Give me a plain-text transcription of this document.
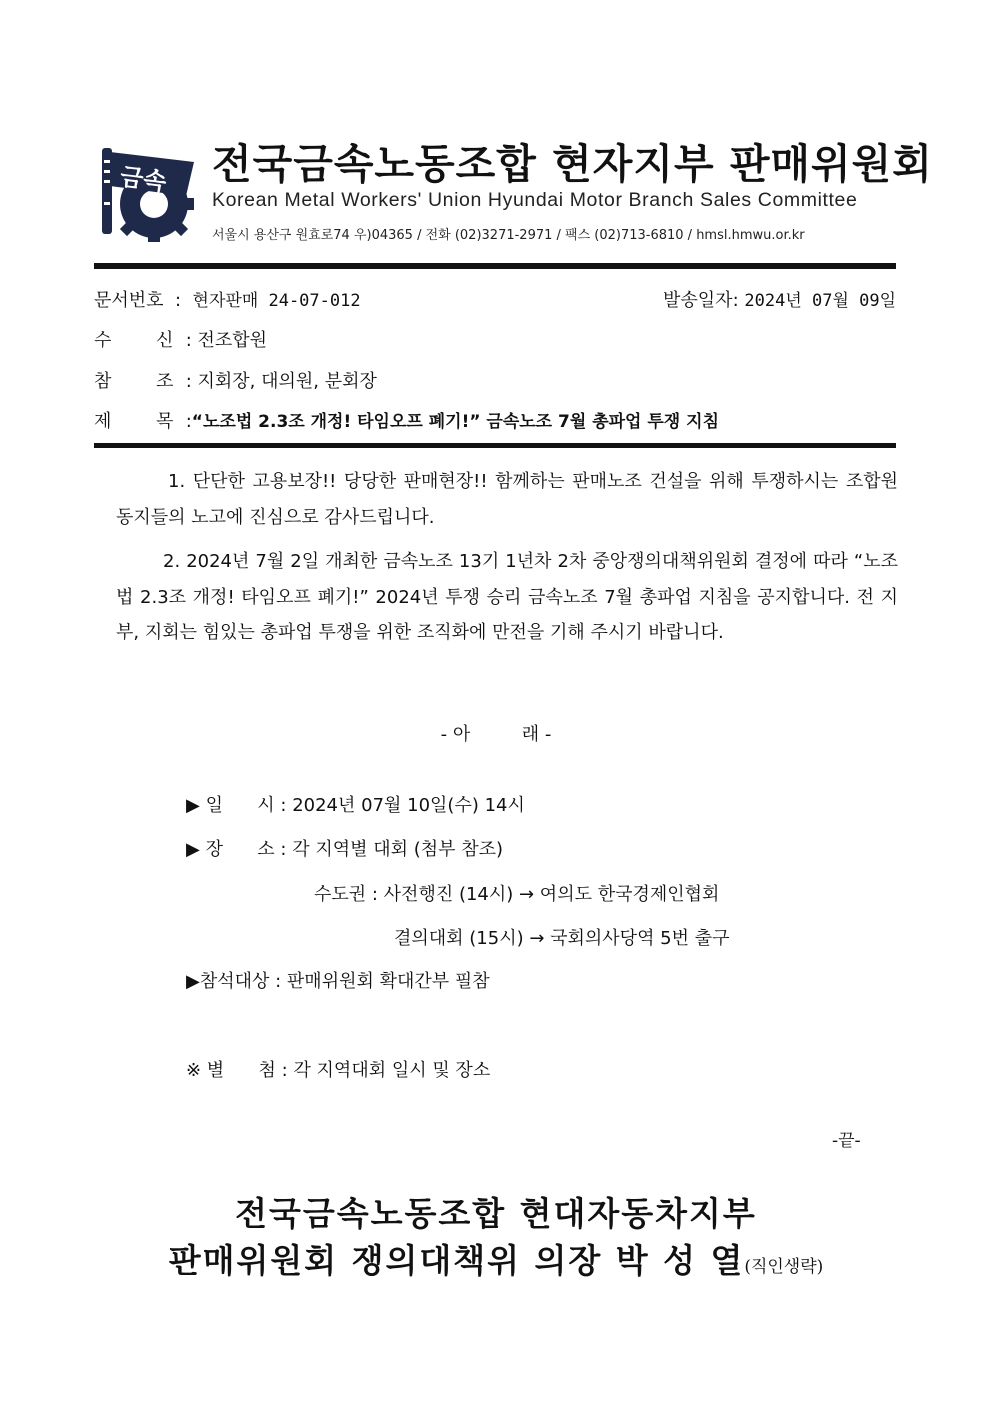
금속 전국금속노동조합 현자지부 판매위원회
Korean Metal Workers' Union Hyundai Motor Branch Sales Committee
서울시 용산구 원효로74 우)04365 / 전화 (02)3271-2971 / 팩스 (02)713-6810 / hmsl.hmwu.or.kr
문서번호  :  현자판매 24-07-012	발송일자: 2024년 07월 09일
수 신 : 전조합원
참 조 : 지회장, 대의원, 분회장
제 목 :“노조법 2.3조 개정! 타임오프 폐기!” 금속노조 7월 총파업 투쟁 지침
1. 단단한 고용보장!! 당당한 판매현장!! 함께하는 판매노조 건설을 위해 투쟁하시는 조합원 동지들의 노고에 진심으로 감사드립니다.
2. 2024년 7월 2일 개최한 금속노조 13기 1년차 2차 중앙쟁의대책위원회 결정에 따라 “노조법 2.3조 개정! 타임오프 폐기!” 2024년 투쟁 승리 금속노조 7월 총파업 지침을 공지합니다. 전 지부, 지회는 힘있는 총파업 투쟁을 위한 조직화에 만전을 기해 주시기 바랍니다.
- 아         래 -
▶ 일      시 : 2024년 07월 10일(수) 14시
▶ 장      소 : 각 지역별 대회 (첨부 참조)
수도권 : 사전행진 (14시) → 여의도 한국경제인협회
결의대회 (15시) → 국회의사당역 5번 출구
▶참석대상 : 판매위원회 확대간부 필참
※ 별      첨 : 각 지역대회 일시 및 장소
-끝-
전국금속노동조합 현대자동차지부
판매위원회 쟁의대책위 의장 박 성 열(직인생략)
